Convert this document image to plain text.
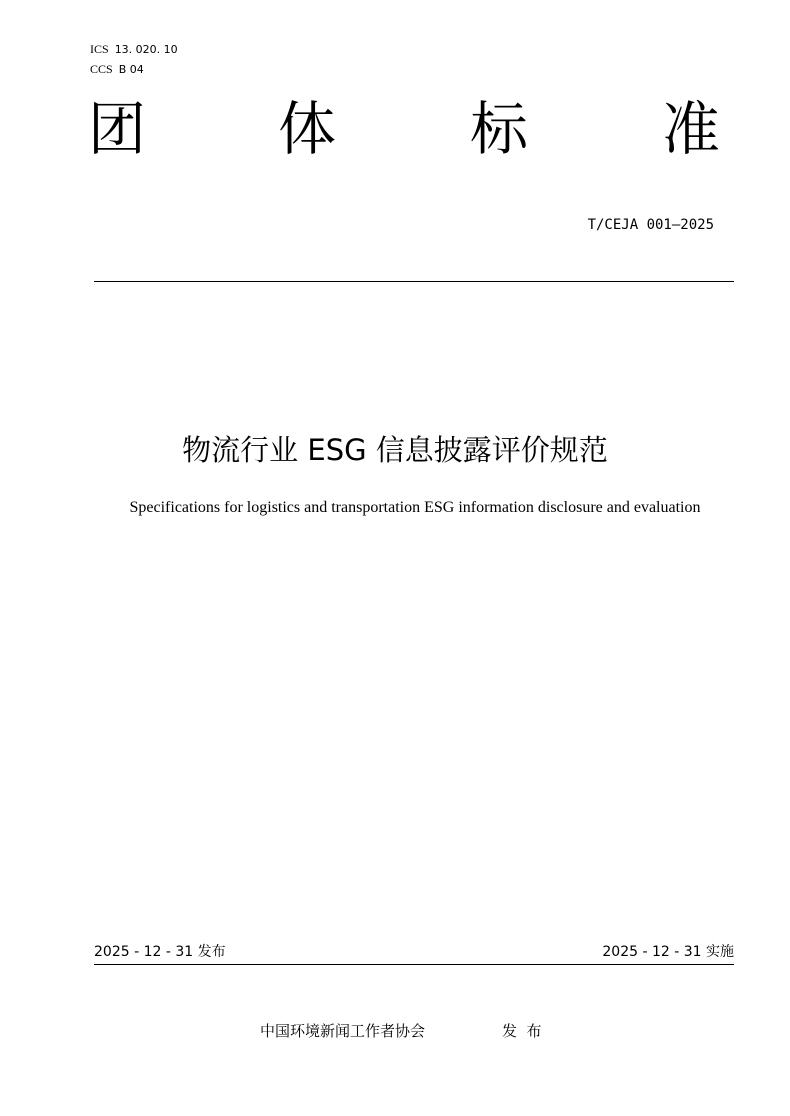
ICS 13. 020. 10
CCS B 04
团 体 标 准
T/CEJA 001—2025
物流行业 ESG 信息披露评价规范
Specifications for logistics and transportation ESG information disclosure and evaluation
2025 - 12 - 31 发布	2025 - 12 - 31 实施
中国环境新闻工作者协会	发  布
